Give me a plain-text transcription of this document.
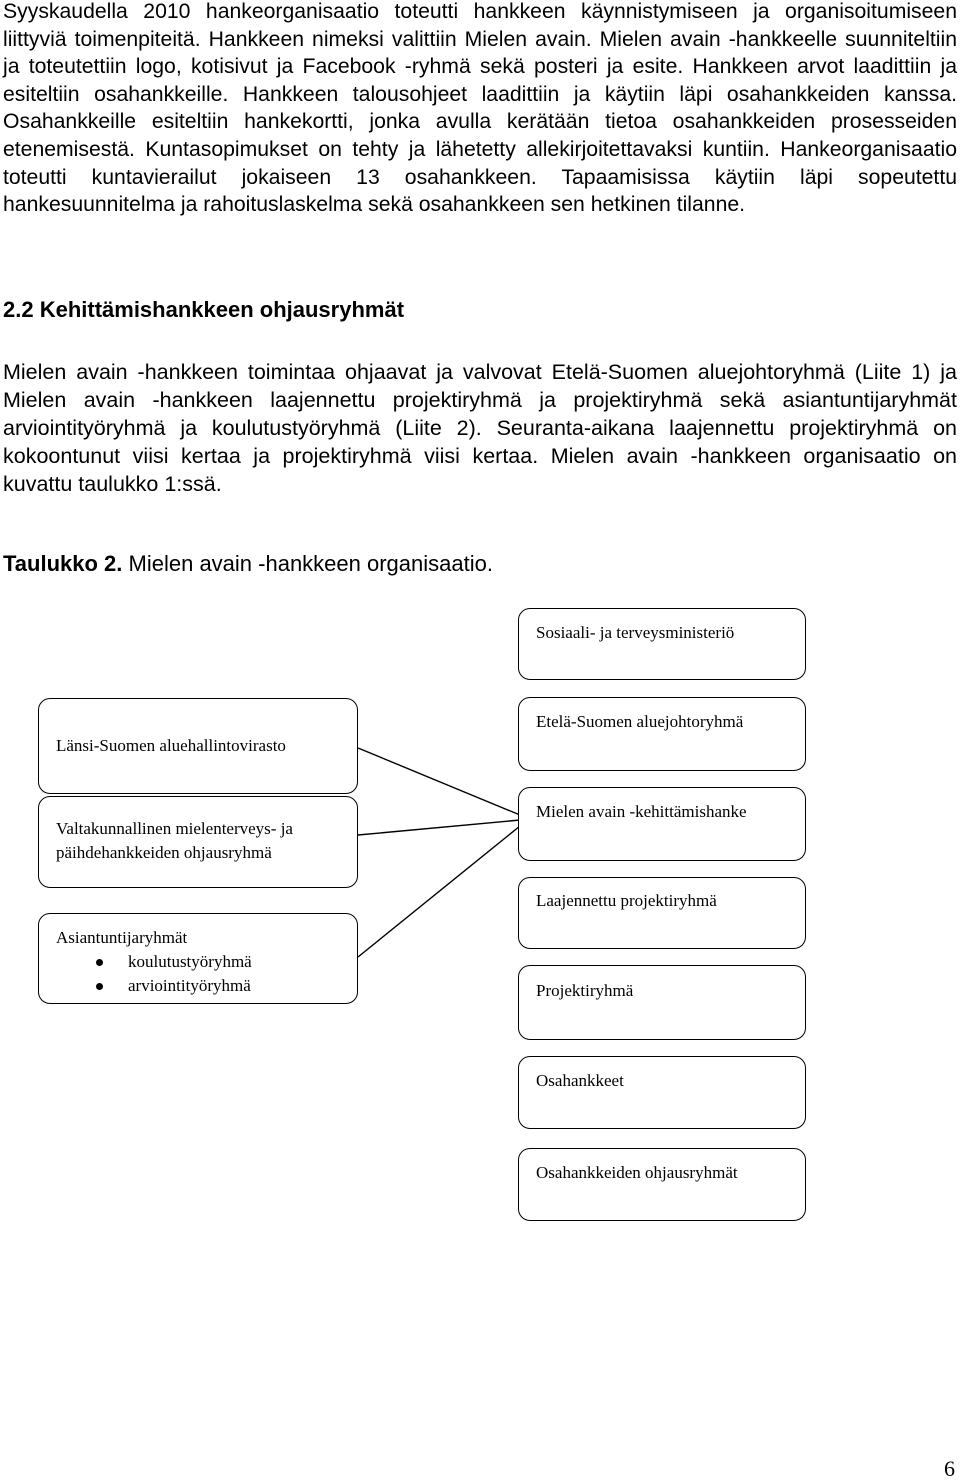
Syyskaudella 2010 hankeorganisaatio toteutti hankkeen käynnistymiseen ja organisoitumiseen liittyviä toimenpiteitä. Hankkeen nimeksi valittiin Mielen avain. Mielen avain -hankkeelle suunniteltiin ja toteutettiin logo, kotisivut ja Facebook -ryhmä sekä posteri ja esite. Hankkeen arvot laadittiin ja esiteltiin osahankkeille. Hankkeen talousohjeet laadittiin ja käytiin läpi osahankkeiden kanssa. Osahankkeille esiteltiin hankekortti, jonka avulla kerätään tietoa osahankkeiden prosesseiden etenemisestä. Kuntasopimukset on tehty ja lähetetty allekirjoitettavaksi kuntiin. Hankeorganisaatio toteutti kuntavierailut jokaiseen 13 osahankkeen. Tapaamisissa käytiin läpi sopeutettu hankesuunnitelma ja rahoituslaskelma sekä osahankkeen sen hetkinen tilanne.

2.2 Kehittämishankkeen ohjausryhmät

Mielen avain -hankkeen toimintaa ohjaavat ja valvovat Etelä-Suomen aluejohtoryhmä (Liite 1) ja Mielen avain -hankkeen laajennettu projektiryhmä ja projektiryhmä sekä asiantuntijaryhmät arviointityöryhmä ja koulutustyöryhmä (Liite 2). Seuranta-aikana laajennettu projektiryhmä on kokoontunut viisi kertaa ja projektiryhmä viisi kertaa. Mielen avain -hankkeen organisaatio on kuvattu taulukko 1:ssä.

Taulukko 2. Mielen avain -hankkeen organisaatio.

Sosiaali- ja terveysministeriö
Etelä-Suomen aluejohtoryhmä
Mielen avain -kehittämishanke
Laajennettu projektiryhmä
Projektiryhmä
Osahankkeet
Osahankkeiden ohjausryhmät
Länsi-Suomen aluehallintovirasto
Valtakunnallinen mielenterveys- ja
päihdehankkeiden ohjausryhmä
Asiantuntijaryhmät
koulutustyöryhmä
arviointityöryhmä
6
